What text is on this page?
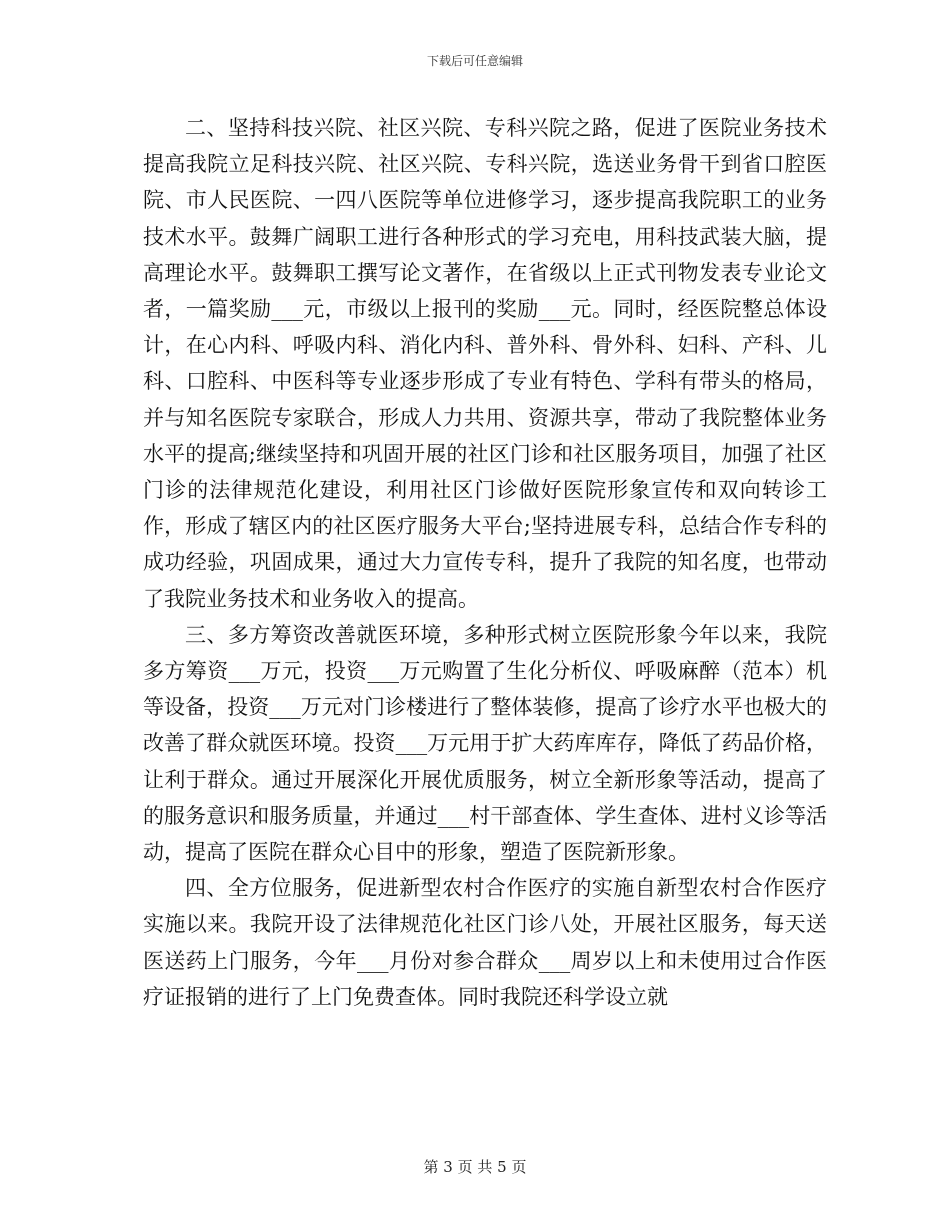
下载后可任意编辑

二、坚持科技兴院、社区兴院、专科兴院之路，促进了医院业务技术提高我院立足科技兴院、社区兴院、专科兴院，选送业务骨干到省口腔医院、市人民医院、一四八医院等单位进修学习，逐步提高我院职工的业务技术水平。鼓舞广阔职工进行各种形式的学习充电，用科技武装大脑，提高理论水平。鼓舞职工撰写论文著作，在省级以上正式刊物发表专业论文者，一篇奖励___元，市级以上报刊的奖励___元。同时，经医院整总体设计，在心内科、呼吸内科、消化内科、普外科、骨外科、妇科、产科、儿科、口腔科、中医科等专业逐步形成了专业有特色、学科有带头的格局，并与知名医院专家联合，形成人力共用、资源共享，带动了我院整体业务水平的提高;继续坚持和巩固开展的社区门诊和社区服务项目，加强了社区门诊的法律规范化建设，利用社区门诊做好医院形象宣传和双向转诊工作，形成了辖区内的社区医疗服务大平台;坚持进展专科，总结合作专科的成功经验，巩固成果，通过大力宣传专科，提升了我院的知名度，也带动了我院业务技术和业务收入的提高。

三、多方筹资改善就医环境，多种形式树立医院形象今年以来，我院多方筹资___万元，投资___万元购置了生化分析仪、呼吸麻醉（范本）机等设备，投资___万元对门诊楼进行了整体装修，提高了诊疗水平也极大的改善了群众就医环境。投资___万元用于扩大药库库存，降低了药品价格，让利于群众。通过开展深化开展优质服务，树立全新形象等活动，提高了的服务意识和服务质量，并通过___村干部查体、学生查体、进村义诊等活动，提高了医院在群众心目中的形象，塑造了医院新形象。

四、全方位服务，促进新型农村合作医疗的实施自新型农村合作医疗实施以来。我院开设了法律规范化社区门诊八处，开展社区服务，每天送医送药上门服务，今年___月份对参合群众___周岁以上和未使用过合作医疗证报销的进行了上门免费查体。同时我院还科学设立就

第 3 页 共 5 页
